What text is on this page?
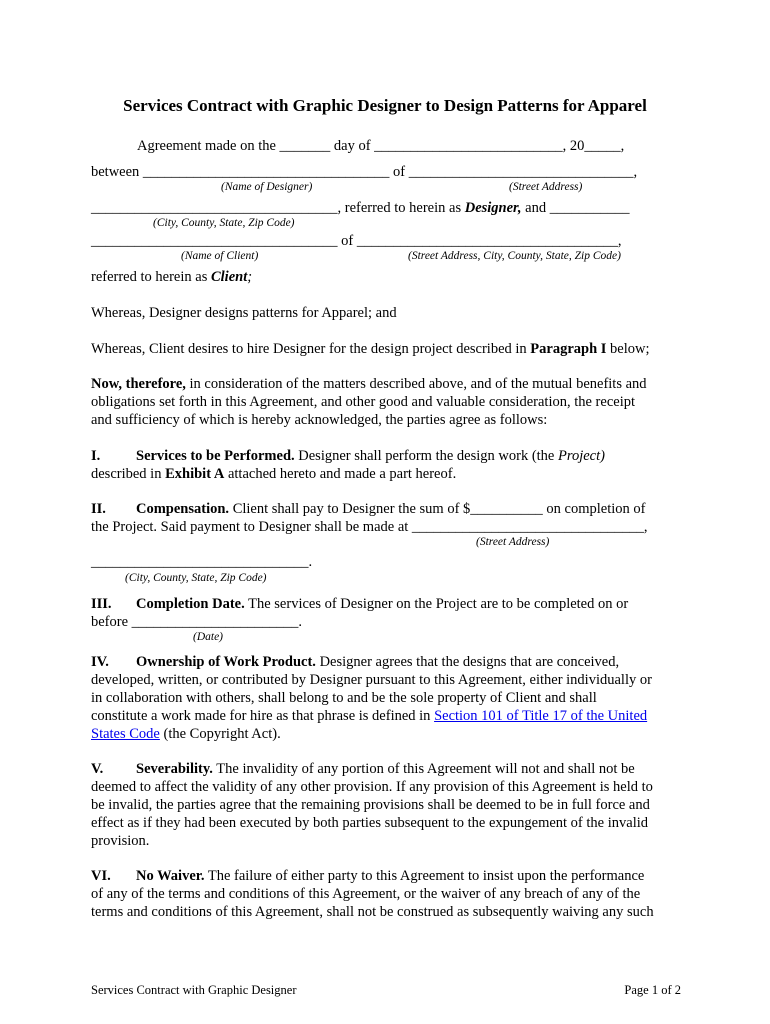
Services Contract with Graphic Designer to Design Patterns for Apparel
Agreement made on the _______ day of __________________________, 20_____,
between __________________________________ of _______________________________,
(Name of Designer)	(Street Address)
__________________________________, referred to herein as Designer, and ___________
(City, County, State, Zip Code)
__________________________________ of ____________________________________,
(Name of Client)	(Street Address, City, County, State, Zip Code)
referred to herein as Client;
Whereas, Designer designs patterns for Apparel; and
Whereas, Client desires to hire Designer for the design project described in Paragraph I below;
Now, therefore, in consideration of the matters described above, and of the mutual benefits and
obligations set forth in this Agreement, and other good and valuable consideration, the receipt
and sufficiency of which is hereby acknowledged, the parties agree as follows:
I. Services to be Performed. Designer shall perform the design work (the Project)
described in Exhibit A attached hereto and made a part hereof.
II. Compensation. Client shall pay to Designer the sum of $__________ on completion of
the Project. Said payment to Designer shall be made at ________________________________,
(Street Address)
______________________________.
(City, County, State, Zip Code)
III. Completion Date. The services of Designer on the Project are to be completed on or
before _______________________.
(Date)
IV. Ownership of Work Product. Designer agrees that the designs that are conceived,
developed, written, or contributed by Designer pursuant to this Agreement, either individually or
in collaboration with others, shall belong to and be the sole property of Client and shall
constitute a work made for hire as that phrase is defined in Section 101 of Title 17 of the United
States Code (the Copyright Act).
V. Severability. The invalidity of any portion of this Agreement will not and shall not be
deemed to affect the validity of any other provision. If any provision of this Agreement is held to
be invalid, the parties agree that the remaining provisions shall be deemed to be in full force and
effect as if they had been executed by both parties subsequent to the expungement of the invalid
provision.
VI. No Waiver. The failure of either party to this Agreement to insist upon the performance
of any of the terms and conditions of this Agreement, or the waiver of any breach of any of the
terms and conditions of this Agreement, shall not be construed as subsequently waiving any such
Services Contract with Graphic Designer	Page 1 of 2
